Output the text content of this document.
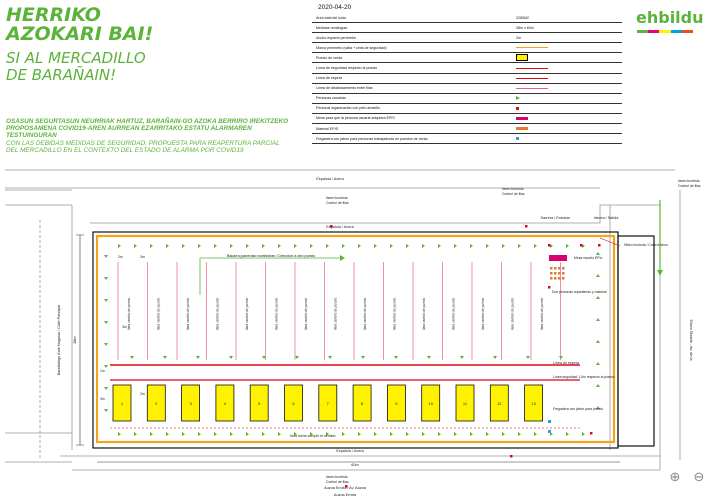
HERRIKO
AZOKARI BAI!
SI AL MERCADILLO
DE BARAÑAIN!
OSASUN SEGURTASUN NEURRIAK HARTUZ, BARAÑAIN-GO AZOKA BERRIRO IREKITZEKO PROPOSAMENA COVID19-AREN AURREAN EZARRITAKO ESTATU ALARMAREN TESTUINGURAN
CON LAS DEBIDAS MEDIDAS DE SEGURIDAD, PROPUESTA PARA REAPERTURA PARCIAL DEL MERCADILLO EN EL CONTEXTO DEL ESTADO DE ALARMA POR COVID19
ehbildu
2020-04-20
Área total del solar	2280M2
Medidas rectángulo	38m x 60m
Ancho espacio perímetro	2m
Marca perímetro (valla + cinta de seguridad)
Puesto de venta
Línea de seguridad respecto al puesto
Línea de espera
Línea de distanciamiento entre filas
Personas usuarias
Personal organización con peto amarillo
Mesa para que la persona usuaria adquiera EPIS
Material EPIS
Fregadera con jabón para personas trabajadoras en puestos de venta
Ilara cambio de puesto	Ilara cambio de puesto	Ilara cambio de puesto	Ilara cambio de puesto	Ilara cambio de puesto	Ilara cambio de puesto	Ilara cambio de puesto	Ilara cambio de puesto	Ilara cambio de puesto	Ilara cambio de puesto	Ilara cambio de puesto	Ilara cambio de puesto	Ilara cambio de puesto	Ilara cambio de puesto	Ilara cambio de puesto
Bakarra joanerako norabidean / Dirección a otro puesto
1	2	3	4	5	6	7	8	9	10	11	12	13
Mesa reparto EPIs
Dos personas repartiendo y material
Fregadera con jabón para puesto
Espaloia / Acera
Espaloia / Acera
Espaloia / Acera
Sarrera / Entrada	Irteera / Salida
Ilaren kontrola
Control de filas
Ilaren kontrola
Control de filas
Ilaren kontrola
Control de filas
Ilaren kontrola
Control de filas
Hiltzo kontrola / Control aforo
Línea de espera
Línea seguridad 1,5m respecto al puesto
Ilara lucha cumplir el sentido
Barañaingo Kale Nagusia / Calle Principal	Eliseo Etxarte - Av. de la
Auzoa Errota / Av. Auzoa
Auzoa Errota
38m
60m
2m	3m
1m
3m
3m
2m
⊕ ⊖
